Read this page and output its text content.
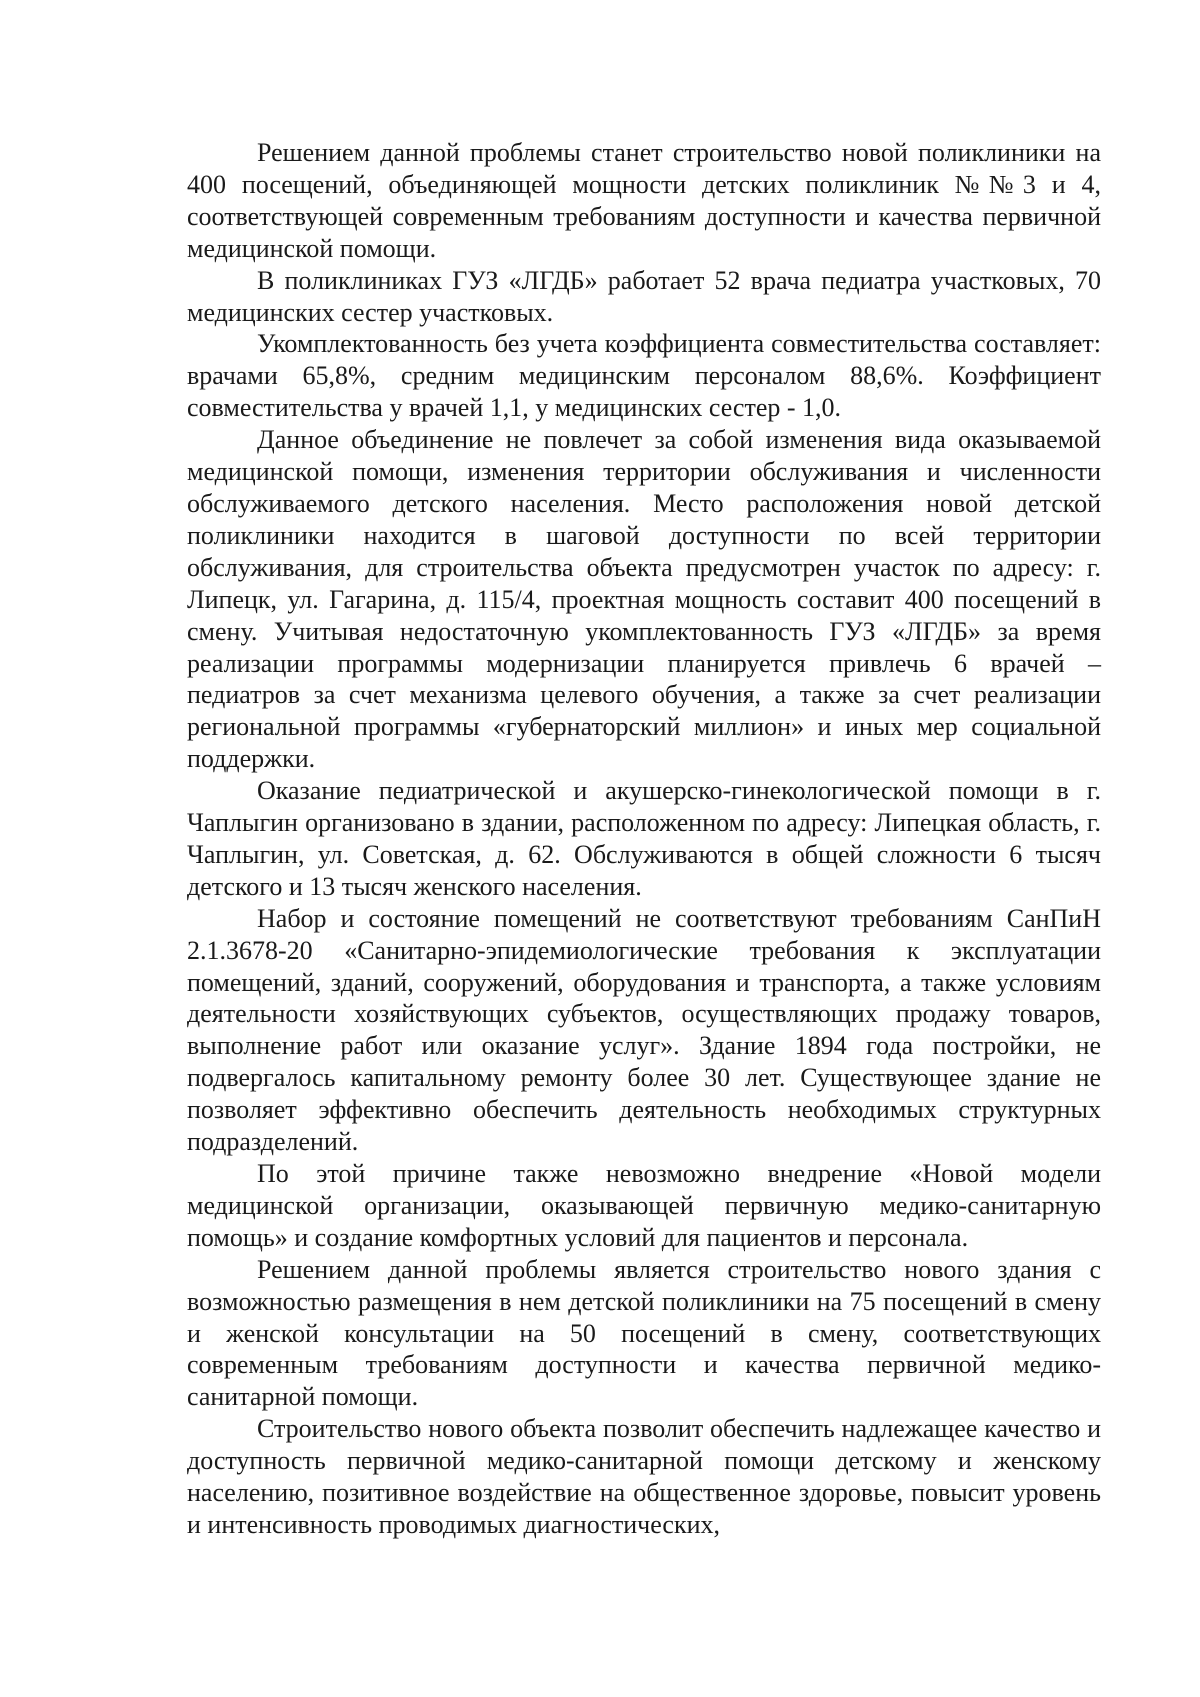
Решением данной проблемы станет строительство новой поликлиники на 400 посещений, объединяющей мощности детских поликлиник №№3 и 4, соответствующей современным требованиям доступности и качества первичной медицинской помощи.

В поликлиниках ГУЗ «ЛГДБ» работает 52 врача педиатра участковых, 70 медицинских сестер участковых.

Укомплектованность без учета коэффициента совместительства составляет: врачами 65,8%, средним медицинским персоналом 88,6%. Коэффициент совместительства у врачей 1,1, у медицинских сестер - 1,0.

Данное объединение не повлечет за собой изменения вида оказываемой медицинской помощи, изменения территории обслуживания и численности обслуживаемого детского населения. Место расположения новой детской поликлиники находится в шаговой доступности по всей территории обслуживания, для строительства объекта предусмотрен участок по адресу: г. Липецк, ул. Гагарина, д. 115/4, проектная мощность составит 400 посещений в смену. Учитывая недостаточную укомплектованность ГУЗ «ЛГДБ» за время реализации программы модернизации планируется привлечь 6 врачей – педиатров за счет механизма целевого обучения, а также за счет реализации региональной программы «губернаторский миллион» и иных мер социальной поддержки.

Оказание педиатрической и акушерско-гинекологической помощи в г. Чаплыгин организовано в здании, расположенном по адресу: Липецкая область, г. Чаплыгин, ул. Советская, д. 62. Обслуживаются в общей сложности 6 тысяч детского и 13 тысяч женского населения.

Набор и состояние помещений не соответствуют требованиям СанПиН 2.1.3678-20 «Санитарно-эпидемиологические требования к эксплуатации помещений, зданий, сооружений, оборудования и транспорта, а также условиям деятельности хозяйствующих субъектов, осуществляющих продажу товаров, выполнение работ или оказание услуг». Здание 1894 года постройки, не подвергалось капитальному ремонту более 30 лет. Существующее здание не позволяет эффективно обеспечить деятельность необходимых структурных подразделений.

По этой причине также невозможно внедрение «Новой модели медицинской организации, оказывающей первичную медико-санитарную помощь» и создание комфортных условий для пациентов и персонала.

Решением данной проблемы является строительство нового здания с возможностью размещения в нем детской поликлиники на 75 посещений в смену и женской консультации на 50 посещений в смену, соответствующих современным требованиям доступности и качества первичной медико-санитарной помощи.

Строительство нового объекта позволит обеспечить надлежащее качество и доступность первичной медико-санитарной помощи детскому и женскому населению, позитивное воздействие на общественное здоровье, повысит уровень и интенсивность проводимых диагностических,
